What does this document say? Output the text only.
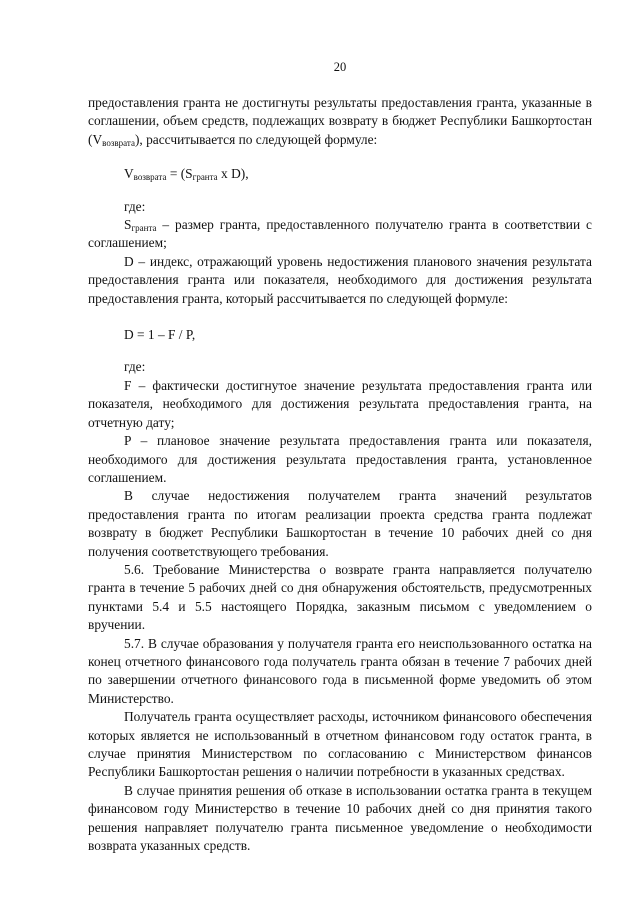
20

предоставления гранта не достигнуты результаты предоставления гранта, указанные в соглашении, объем средств, подлежащих возврату в бюджет Республики Башкортостан $(V_{возврата})$, рассчитывается по следующей формуле:

$V_{возврата} = (S_{гранта}$ x D),
где:

$S_{гранта}$ – размер гранта, предоставленного получателю гранта в соответствии с соглашением;

D – индекс, отражающий уровень недостижения планового значения результата предоставления гранта или показателя, необходимого для достижения результата предоставления гранта, который рассчитывается по следующей формуле:

D = 1 – F / P,
где:

F – фактически достигнутое значение результата предоставления гранта или показателя, необходимого для достижения результата предоставления гранта, на отчетную дату;

P – плановое значение результата предоставления гранта или показателя, необходимого для достижения результата предоставления гранта, установленное соглашением.

В случае недостижения получателем гранта значений результатов предоставления гранта по итогам реализации проекта средства гранта подлежат возврату в бюджет Республики Башкортостан в течение 10 рабочих дней со дня получения соответствующего требования.

5.6. Требование Министерства о возврате гранта направляется получателю гранта в течение 5 рабочих дней со дня обнаружения обстоятельств, предусмотренных пунктами 5.4 и 5.5 настоящего Порядка, заказным письмом с уведомлением о вручении.

5.7. В случае образования у получателя гранта его неиспользованного остатка на конец отчетного финансового года получатель гранта обязан в течение 7 рабочих дней по завершении отчетного финансового года в письменной форме уведомить об этом Министерство.

Получатель гранта осуществляет расходы, источником финансового обеспечения которых является не использованный в отчетном финансовом году остаток гранта, в случае принятия Министерством по согласованию с Министерством финансов Республики Башкортостан решения о наличии потребности в указанных средствах.

В случае принятия решения об отказе в использовании остатка гранта в текущем финансовом году Министерство в течение 10 рабочих дней со дня принятия такого решения направляет получателю гранта письменное уведомление о необходимости возврата указанных средств.
